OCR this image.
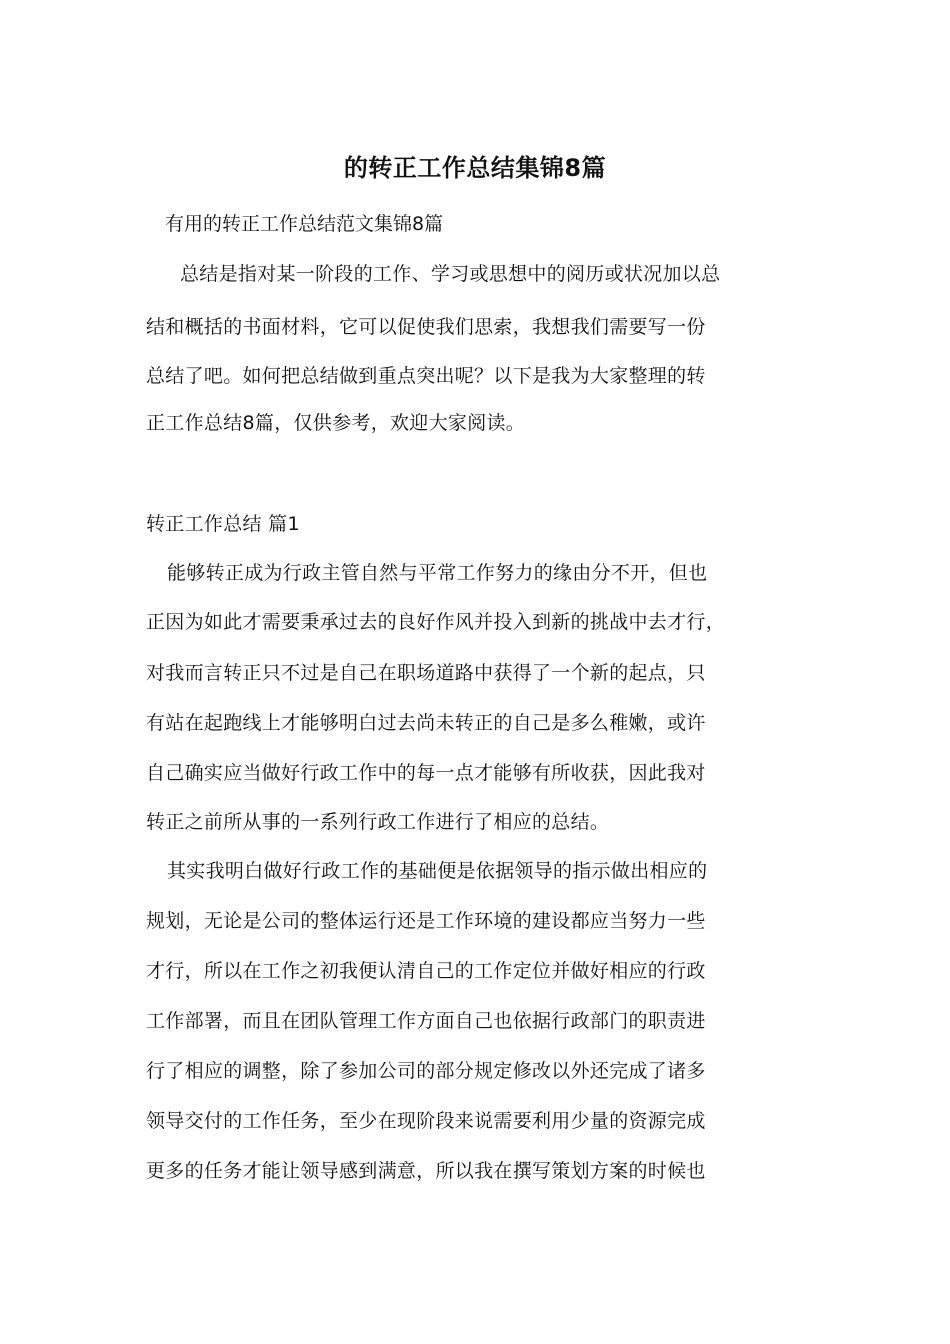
的转正工作总结集锦8篇
有用的转正工作总结范文集锦8篇
总结是指对某一阶段的工作、学习或思想中的阅历或状况加以总
结和概括的书面材料，它可以促使我们思索，我想我们需要写一份
总结了吧。如何把总结做到重点突出呢？以下是我为大家整理的转
正工作总结8篇，仅供参考，欢迎大家阅读。
转正工作总结 篇1
能够转正成为行政主管自然与平常工作努力的缘由分不开，但也
正因为如此才需要秉承过去的良好作风并投入到新的挑战中去才行，
对我而言转正只不过是自己在职场道路中获得了一个新的起点，只
有站在起跑线上才能够明白过去尚未转正的自己是多么稚嫩，或许
自己确实应当做好行政工作中的每一点才能够有所收获，因此我对
转正之前所从事的一系列行政工作进行了相应的总结。
其实我明白做好行政工作的基础便是依据领导的指示做出相应的
规划，无论是公司的整体运行还是工作环境的建设都应当努力一些
才行，所以在工作之初我便认清自己的工作定位并做好相应的行政
工作部署，而且在团队管理工作方面自己也依据行政部门的职责进
行了相应的调整，除了参加公司的部分规定修改以外还完成了诸多
领导交付的工作任务，至少在现阶段来说需要利用少量的资源完成
更多的任务才能让领导感到满意，所以我在撰写策划方案的时候也
